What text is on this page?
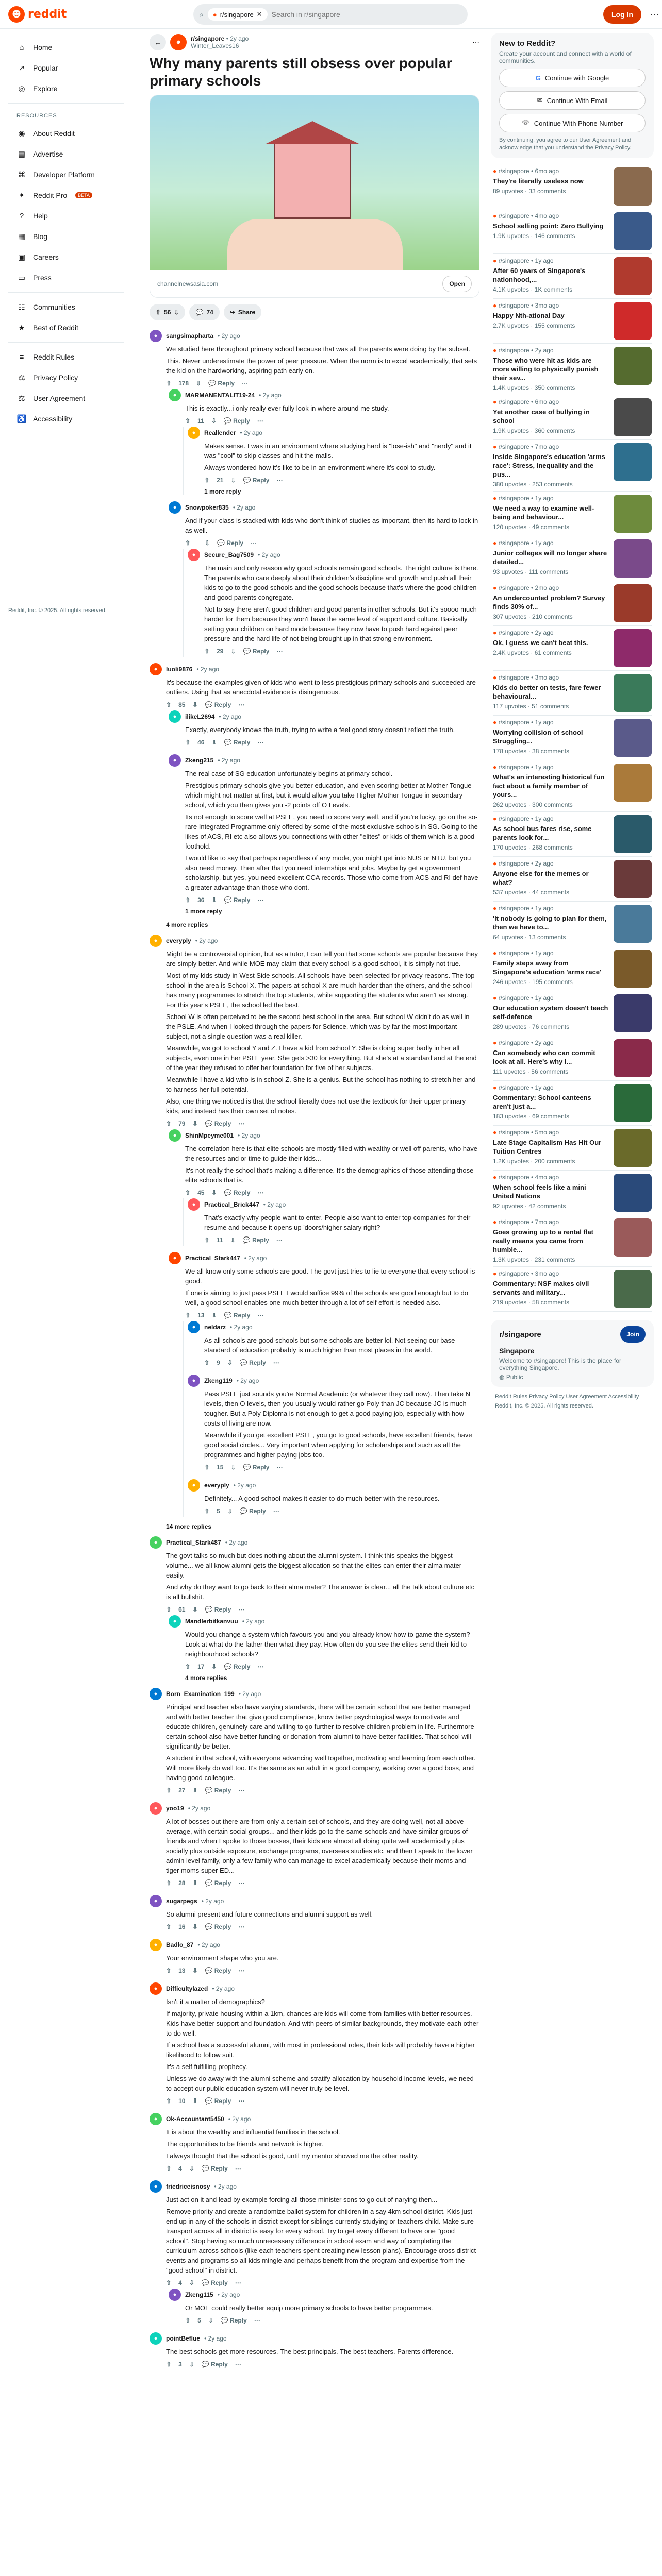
☻ reddit	⌕ ● r/singapore ✕
Search in r/singapore	Log In	⋯
⌂	Home
↗ Popular
◎ Explore
RESOURCES
◉ About Reddit
▤ Advertise
⌘ Developer Platform
✦ Reddit Pro	BETA
?	Help
▦ Blog
▣ Careers
▭ Press
☷ Communities
★ Best of Reddit
≡	Reddit Rules
⚖ Privacy Policy
⚖ User Agreement
♿ Accessibility
Reddit, Inc. © 2025. All rights reserved.
←	☻	r/singapore • 2y ago
Winter_Leaves16	⋯
Why many parents still obsess over popular primary schools
channelnewsasia.com	Open
⇧ 56 ⇩	💬 74	↪ Share
●	sangsimapharta • 2y ago

We studied here throughout primary school because that was all the parents were doing by the subset.

This. Never underestimate the power of peer pressure. When the norm is to excel academically, that sets the kid on the hardworking, aspiring path early on.

⇧ 178 ⇩ 💬 Reply ⋯
●	MARMANENTALIT19-24 • 2y ago

This is exactly...i only really ever fully look in where around me study.

⇧ 11 ⇩ 💬 Reply ⋯
●	Reallender • 2y ago

Makes sense. I was in an environment where studying hard is "lose-ish" and "nerdy" and it was "cool" to skip classes and hit the malls.

Always wondered how it's like to be in an environment where it's cool to study.

⇧ 21 ⇩ 💬 Reply ⋯
1 more reply
●	Snowpoker835 • 2y ago

And if your class is stacked with kids who don't think of studies as important, then its hard to lock in as well.

⇧ ⇩ 💬 Reply ⋯
●	Secure_Bag7509 • 2y ago

The main and only reason why good schools remain good schools. The right culture is there. The parents who care deeply about their children's discipline and growth and push all their kids to go to the good schools and the good schools because that's where the good children and good parents congregate.

Not to say there aren't good children and good parents in other schools. But it's soooo much harder for them because they won't have the same level of support and culture. Basically setting your children on hard mode because they now have to push hard against peer pressure and the hard life of not being brought up in that strong environment.

⇧ 29 ⇩ 💬 Reply ⋯
●	luoli9876 • 2y ago

It's because the examples given of kids who went to less prestigious primary schools and succeeded are outliers. Using that as anecdotal evidence is disingenuous.

⇧ 85 ⇩ 💬 Reply ⋯
●	ilikeL2694 • 2y ago

Exactly, everybody knows the truth, trying to write a feel good story doesn't reflect the truth.

⇧ 46 ⇩ 💬 Reply ⋯
●	Zkeng215 • 2y ago

The real case of SG education unfortunately begins at primary school.

Prestigious primary schools give you better education, and even scoring better at Mother Tongue which might not matter at first, but it would allow you take Higher Mother Tongue in secondary school, which you then gives you -2 points off O Levels.

Its not enough to score well at PSLE, you need to score very well, and if you're lucky, go on the so-rare Integrated Programme only offered by some of the most exclusive schools in SG. Going to the likes of ACS, RI etc also allows you connections with other "elites" or kids of them which is a good foothold.

I would like to say that perhaps regardless of any mode, you might get into NUS or NTU, but you also need money. Then after that you need internships and jobs. Maybe by get a government scholarship, but yes, you need excellent CCA records. Those who come from ACS and RI def have a greater advantage than those who dont.

⇧ 36 ⇩ 💬 Reply ⋯
1 more reply
4 more replies
●	everyply • 2y ago

Might be a controversial opinion, but as a tutor, I can tell you that some schools are popular because they are simply better. And while MOE may claim that every school is a good school, it is simply not true.

Most of my kids study in West Side schools. All schools have been selected for privacy reasons. The top school in the area is School X. The papers at school X are much harder than the others, and the school has many programmes to stretch the top students, while supporting the students who aren't as strong. For this year's PSLE, the school led the best.

School W is often perceived to be the second best school in the area. But school W didn't do as well in the PSLE. And when I looked through the papers for Science, which was by far the most important subject, not a single question was a real killer.

Meanwhile, we got to school Y and Z. I have a kid from school Y. She is doing super badly in her all subjects, even one in her PSLE year. She gets >30 for everything. But she's at a standard and at the end of the year they refused to offer her foundation for five of her subjects.

Meanwhile I have a kid who is in school Z. She is a genius. But the school has nothing to stretch her and to harness her full potential.

Also, one thing we noticed is that the school literally does not use the textbook for their upper primary kids, and instead has their own set of notes.

⇧ 79 ⇩ 💬 Reply ⋯
●	ShinMpeyme001 • 2y ago

The correlation here is that elite schools are mostly filled with wealthy or well off parents, who have the resources and or time to guide their kids...

It's not really the school that's making a difference. It's the demographics of those attending those elite schools that is.

⇧ 45 ⇩ 💬 Reply ⋯
●	Practical_Brick447 • 2y ago

That's exactly why people want to enter. People also want to enter top companies for their resume and because it opens up 'doors/higher salary right?

⇧ 11 ⇩ 💬 Reply ⋯
●	Practical_Stark447 • 2y ago

We all know only some schools are good. The govt just tries to lie to everyone that every school is good.

If one is aiming to just pass PSLE I would suffice 99% of the schools are good enough but to do well, a good school enables one much better through a lot of self effort is needed also.

⇧ 13 ⇩ 💬 Reply ⋯
●	neldarz • 2y ago

As all schools are good schools but some schools are better lol. Not seeing our base standard of education probably is much higher than most places in the world.

⇧ 9 ⇩ 💬 Reply ⋯
●	Zkeng119 • 2y ago

Pass PSLE just sounds you're Normal Academic (or whatever they call now). Then take N levels, then O levels, then you usually would rather go Poly than JC because JC is much tougher. But a Poly Diploma is not enough to get a good paying job, especially with how costs of living are now.

Meanwhile if you get excellent PSLE, you go to good schools, have excellent friends, have good social circles... Very important when applying for scholarships and such as all the programmes and higher paying jobs too.

⇧ 15 ⇩ 💬 Reply ⋯
●	everyply • 2y ago

Definitely... A good school makes it easier to do much better with the resources.

⇧ 5 ⇩ 💬 Reply ⋯
14 more replies
●	Practical_Stark487 • 2y ago

The govt talks so much but does nothing about the alumni system. I think this speaks the biggest volume... we all know alumni gets the biggest allocation so that the elites can enter their alma mater easily.

And why do they want to go back to their alma mater? The answer is clear... all the talk about culture etc is all bullshit.

⇧ 61 ⇩ 💬 Reply ⋯
●	Mandlerbitkanvuu • 2y ago

Would you change a system which favours you and you already know how to game the system? Look at what do the father then what they pay. How often do you see the elites send their kid to neighbourhood schools?

⇧ 17 ⇩ 💬 Reply ⋯
4 more replies
●	Born_Examination_199 • 2y ago

Principal and teacher also have varying standards, there will be certain school that are better managed and with better teacher that give good compliance, know better psychological ways to motivate and educate children, genuinely care and willing to go further to resolve children problem in life. Furthermore certain school also have better funding or donation from alumni to have better facilities. That school will significantly be better.

A student in that school, with everyone advancing well together, motivating and learning from each other. Will more likely do well too. It's the same as an adult in a good company, working over a good boss, and having good colleague.

⇧ 27 ⇩ 💬 Reply ⋯
●	yoo19 • 2y ago

A lot of bosses out there are from only a certain set of schools, and they are doing well, not all above average, with certain social groups... and their kids go to the same schools and have similar groups of friends and when I spoke to those bosses, their kids are almost all doing quite well academically plus socially plus outside exposure, exchange programs, overseas studies etc. and then I speak to the lower admin level family, only a few family who can manage to excel academically because their moms and tiger moms super ED...

⇧ 28 ⇩ 💬 Reply ⋯
●	sugarpegs • 2y ago

So alumni present and future connections and alumni support as well.

⇧ 16 ⇩ 💬 Reply ⋯
●	Badlo_87 • 2y ago

Your environment shape who you are.

⇧ 13 ⇩ 💬 Reply ⋯
●	Difficultylazed • 2y ago

Isn't it a matter of demographics?

If majority, private housing within a 1km, chances are kids will come from families with better resources. Kids have better support and foundation. And with peers of similar backgrounds, they motivate each other to do well.

If a school has a successful alumni, with most in professional roles, their kids will probably have a higher likelihood to follow suit.

It's a self fulfilling prophecy.

Unless we do away with the alumni scheme and stratify allocation by household income levels, we need to accept our public education system will never truly be level.

⇧ 10 ⇩ 💬 Reply ⋯
●	Ok-Accountant5450 • 2y ago

It is about the wealthy and influential families in the school.

The opportunities to be friends and network is higher.

I always thought that the school is good, until my mentor showed me the other reality.

⇧ 4 ⇩ 💬 Reply ⋯
●	friedriceisnosy • 2y ago

Just act on it and lead by example forcing all those minister sons to go out of narying then...

Remove priority and create a randomize ballot system for children in a say 4km school district. Kids just end up in any of the schools in district except for siblings currently studying or teachers child. Make sure transport across all in district is easy for every school. Try to get every different to have one "good school". Stop having so much unnecessary difference in school exam and way of completing the curriculum across schools (like each teachers spent creating new lesson plans). Encourage cross district events and programs so all kids mingle and perhaps benefit from the program and expertise from the "good school" in district.

⇧ 4 ⇩ 💬 Reply ⋯
●	Zkeng115 • 2y ago

Or MOE could really better equip more primary schools to have better programmes.

⇧ 5 ⇩ 💬 Reply ⋯
●	pointBeflue • 2y ago

The best schools get more resources. The best principals. The best teachers. Parents difference.

⇧ 3 ⇩ 💬 Reply ⋯
New to Reddit?
Create your account and connect with a world of communities.
G Continue with Google
✉ Continue With Email
☏ Continue With Phone Number
By continuing, you agree to our User Agreement and acknowledge that you understand the Privacy Policy.
● r/singapore • 6mo ago
They're literally useless now
89 upvotes · 33 comments
● r/singapore • 4mo ago
School selling point: Zero Bullying
1.9K upvotes · 146 comments
● r/singapore • 1y ago
After 60 years of Singapore's nationhood,...
4.1K upvotes · 1K comments
● r/singapore • 3mo ago
Happy Nth-ational Day
2.7K upvotes · 155 comments
● r/singapore • 2y ago
Those who were hit as kids are more willing to physically punish their sev...
1.4K upvotes · 350 comments
● r/singapore • 6mo ago
Yet another case of bullying in school
1.9K upvotes · 360 comments
● r/singapore • 7mo ago
Inside Singapore's education 'arms race': Stress, inequality and the pus...
380 upvotes · 253 comments
● r/singapore • 1y ago
We need a way to examine well-being and behaviour...
120 upvotes · 49 comments
● r/singapore • 1y ago
Junior colleges will no longer share detailed...
93 upvotes · 111 comments
● r/singapore • 2mo ago
An undercounted problem? Survey finds 30% of...
307 upvotes · 210 comments
● r/singapore • 2y ago
Ok, I guess we can't beat this.
2.4K upvotes · 61 comments
● r/singapore • 3mo ago
Kids do better on tests, fare fewer behavioural...
117 upvotes · 51 comments
● r/singapore • 1y ago
Worrying collision of school Struggling...
178 upvotes · 38 comments
● r/singapore • 1y ago
What's an interesting historical fun fact about a family member of yours...
262 upvotes · 300 comments
● r/singapore • 1y ago
As school bus fares rise, some parents look for...
170 upvotes · 268 comments
● r/singapore • 2y ago
Anyone else for the memes or what?
537 upvotes · 44 comments
● r/singapore • 1y ago
'It nobody is going to plan for them, then we have to...
64 upvotes · 13 comments
● r/singapore • 1y ago
Family steps away from Singapore's education 'arms race'
246 upvotes · 195 comments
● r/singapore • 1y ago
Our education system doesn't teach self-defence
289 upvotes · 76 comments
● r/singapore • 2y ago
Can somebody who can commit look at all. Here's why I...
111 upvotes · 56 comments
● r/singapore • 1y ago
Commentary: School canteens aren't just a...
183 upvotes · 69 comments
● r/singapore • 5mo ago
Late Stage Capitalism Has Hit Our Tuition Centres
1.2K upvotes · 200 comments
● r/singapore • 4mo ago
When school feels like a mini United Nations
92 upvotes · 42 comments
● r/singapore • 7mo ago
Goes growing up to a rental flat really means you came from humble...
1.3K upvotes · 231 comments
● r/singapore • 3mo ago
Commentary: NSF makes civil servants and military...
219 upvotes · 58 comments
r/singapore	Join
Singapore
Welcome to r/singapore! This is the place for everything Singapore.
◍ Public
Reddit Rules Privacy Policy User Agreement Accessibility
Reddit, Inc. © 2025. All rights reserved.
